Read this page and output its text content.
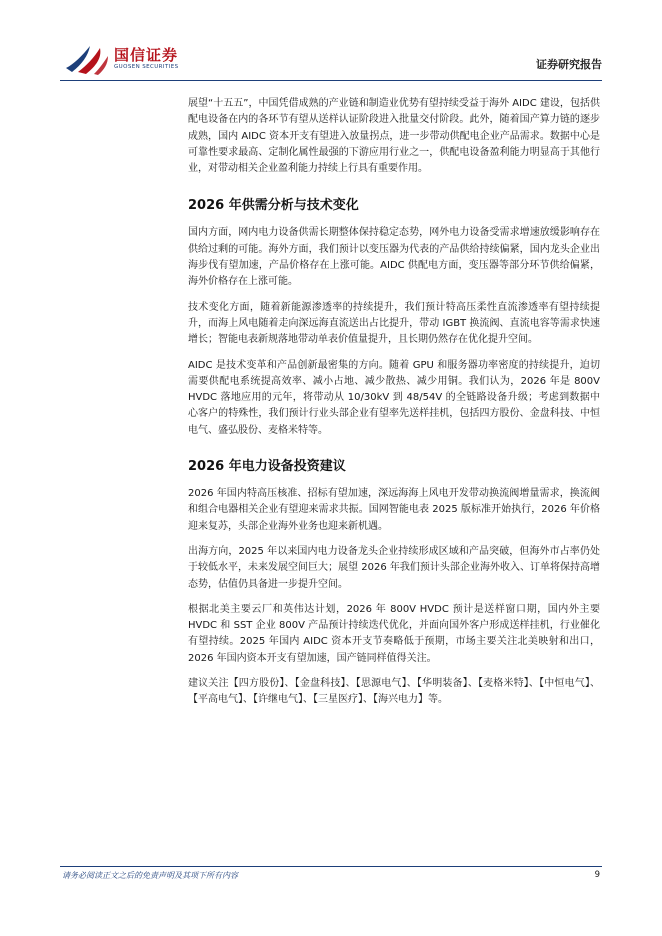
国信证券
GUOSEN SECURITIES	证券研究报告

展望“十五五”，中国凭借成熟的产业链和制造业优势有望持续受益于海外 AIDC 建设，包括供配电设备在内的各环节有望从送样认证阶段进入批量交付阶段。此外，随着国产算力链的逐步成熟，国内 AIDC 资本开支有望进入放量拐点，进一步带动供配电企业产品需求。数据中心是可靠性要求最高、定制化属性最强的下游应用行业之一，供配电设备盈利能力明显高于其他行业，对带动相关企业盈利能力持续上行具有重要作用。

2026 年供需分析与技术变化

国内方面，网内电力设备供需长期整体保持稳定态势，网外电力设备受需求增速放缓影响存在供给过剩的可能。海外方面，我们预计以变压器为代表的产品供给持续偏紧，国内龙头企业出海步伐有望加速，产品价格存在上涨可能。AIDC 供配电方面，变压器等部分环节供给偏紧，海外价格存在上涨可能。

技术变化方面，随着新能源渗透率的持续提升，我们预计特高压柔性直流渗透率有望持续提升，而海上风电随着走向深远海直流送出占比提升，带动 IGBT 换流阀、直流电容等需求快速增长；智能电表新规落地带动单表价值量提升，且长期仍然存在优化提升空间。

AIDC 是技术变革和产品创新最密集的方向。随着 GPU 和服务器功率密度的持续提升，迫切需要供配电系统提高效率、减小占地、减少散热、减少用铜。我们认为，2026 年是 800V HVDC 落地应用的元年，将带动从 10/30kV 到 48/54V 的全链路设备升级；考虑到数据中心客户的特殊性，我们预计行业头部企业有望率先送样挂机，包括四方股份、金盘科技、中恒电气、盛弘股份、麦格米特等。

2026 年电力设备投资建议

2026 年国内特高压核准、招标有望加速，深远海海上风电开发带动换流阀增量需求，换流阀和组合电器相关企业有望迎来需求共振。国网智能电表 2025 版标准开始执行，2026 年价格迎来复苏，头部企业海外业务也迎来新机遇。

出海方向，2025 年以来国内电力设备龙头企业持续形成区域和产品突破，但海外市占率仍处于较低水平，未来发展空间巨大；展望 2026 年我们预计头部企业海外收入、订单将保持高增态势，估值仍具备进一步提升空间。

根据北美主要云厂和英伟达计划，2026 年 800V HVDC 预计是送样窗口期，国内外主要 HVDC 和 SST 企业 800V 产品预计持续迭代优化，并面向国外客户形成送样挂机，行业催化有望持续。2025 年国内 AIDC 资本开支节奏略低于预期，市场主要关注北美映射和出口，2026 年国内资本开支有望加速，国产链同样值得关注。

建议关注【四方股份】、【金盘科技】、【思源电气】、【华明装备】、【麦格米特】、【中恒电气】、【平高电气】、【许继电气】、【三星医疗】、【海兴电力】等。

请务必阅读正文之后的免责声明及其项下所有内容	9
